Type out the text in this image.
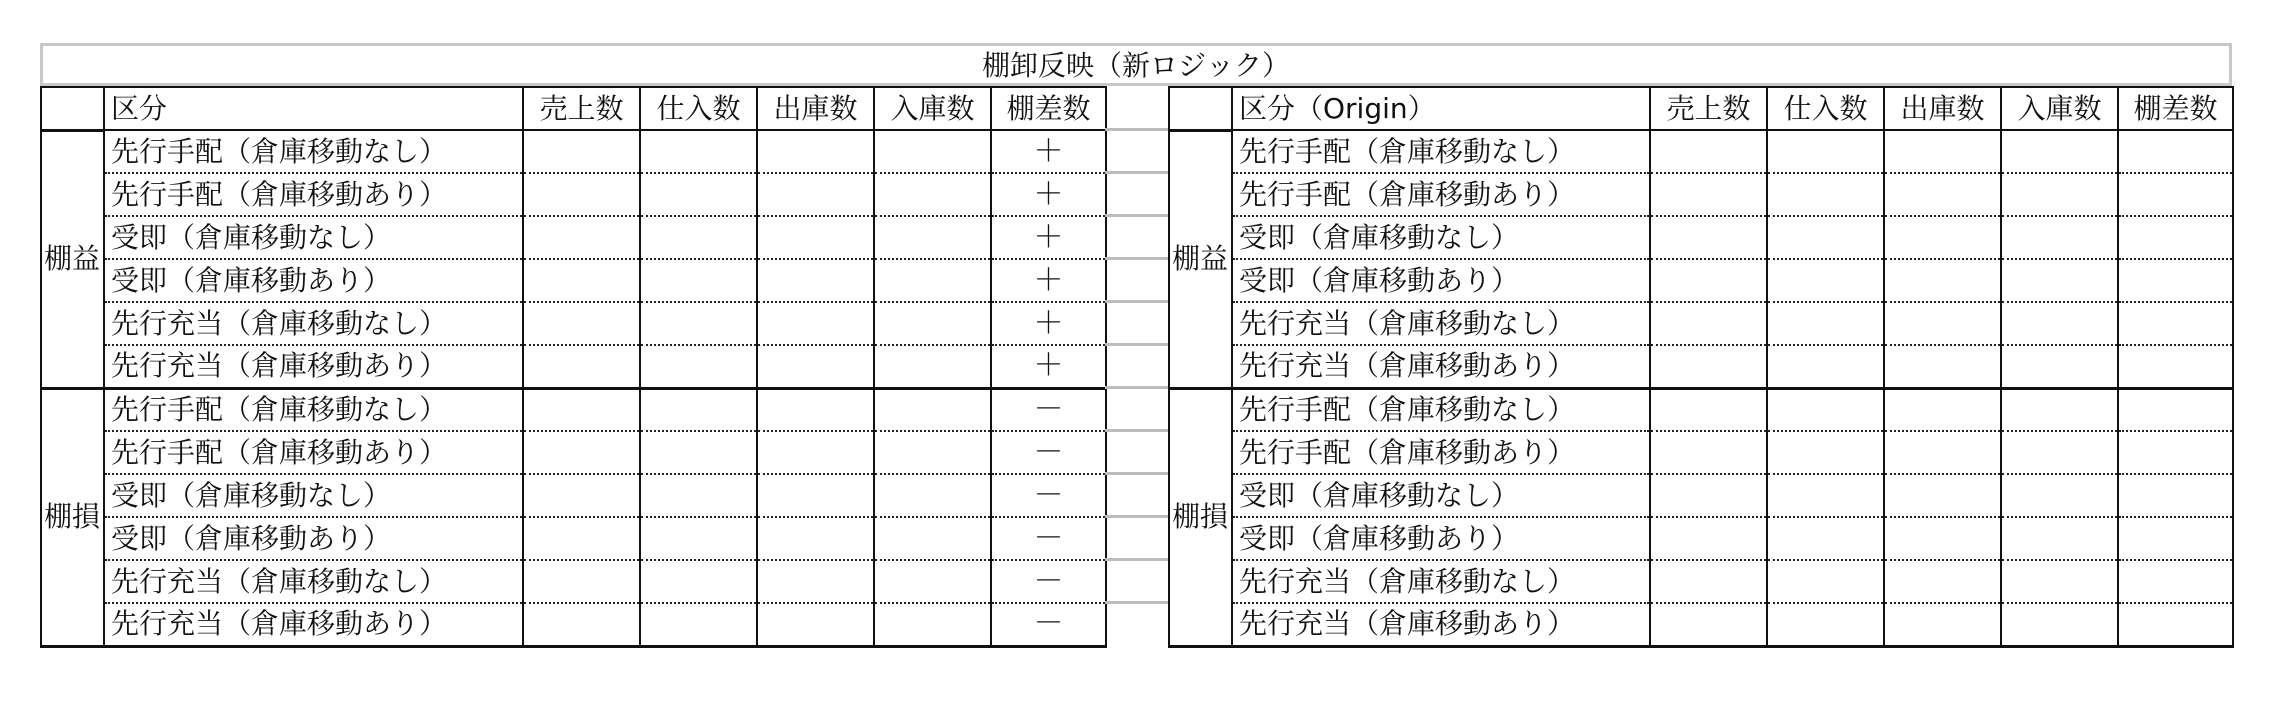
棚卸反映（新ロジック）
	区分	売上数	仕入数	出庫数	入庫数	棚差数
棚益	先行手配（倉庫移動なし）					＋
	先行手配（倉庫移動あり）					＋
	受即（倉庫移動なし）					＋
	受即（倉庫移動あり）					＋
	先行充当（倉庫移動なし）					＋
	先行充当（倉庫移動あり）					＋
棚損	先行手配（倉庫移動なし）					－
	先行手配（倉庫移動あり）					－
	受即（倉庫移動なし）					－
	受即（倉庫移動あり）					－
	先行充当（倉庫移動なし）					－
	先行充当（倉庫移動あり）					－
	区分（Origin）	売上数	仕入数	出庫数	入庫数	棚差数
棚益	先行手配（倉庫移動なし）					
	先行手配（倉庫移動あり）					
	受即（倉庫移動なし）					
	受即（倉庫移動あり）					
	先行充当（倉庫移動なし）					
	先行充当（倉庫移動あり）					
棚損	先行手配（倉庫移動なし）					
	先行手配（倉庫移動あり）					
	受即（倉庫移動なし）					
	受即（倉庫移動あり）					
	先行充当（倉庫移動なし）					
	先行充当（倉庫移動あり）					
